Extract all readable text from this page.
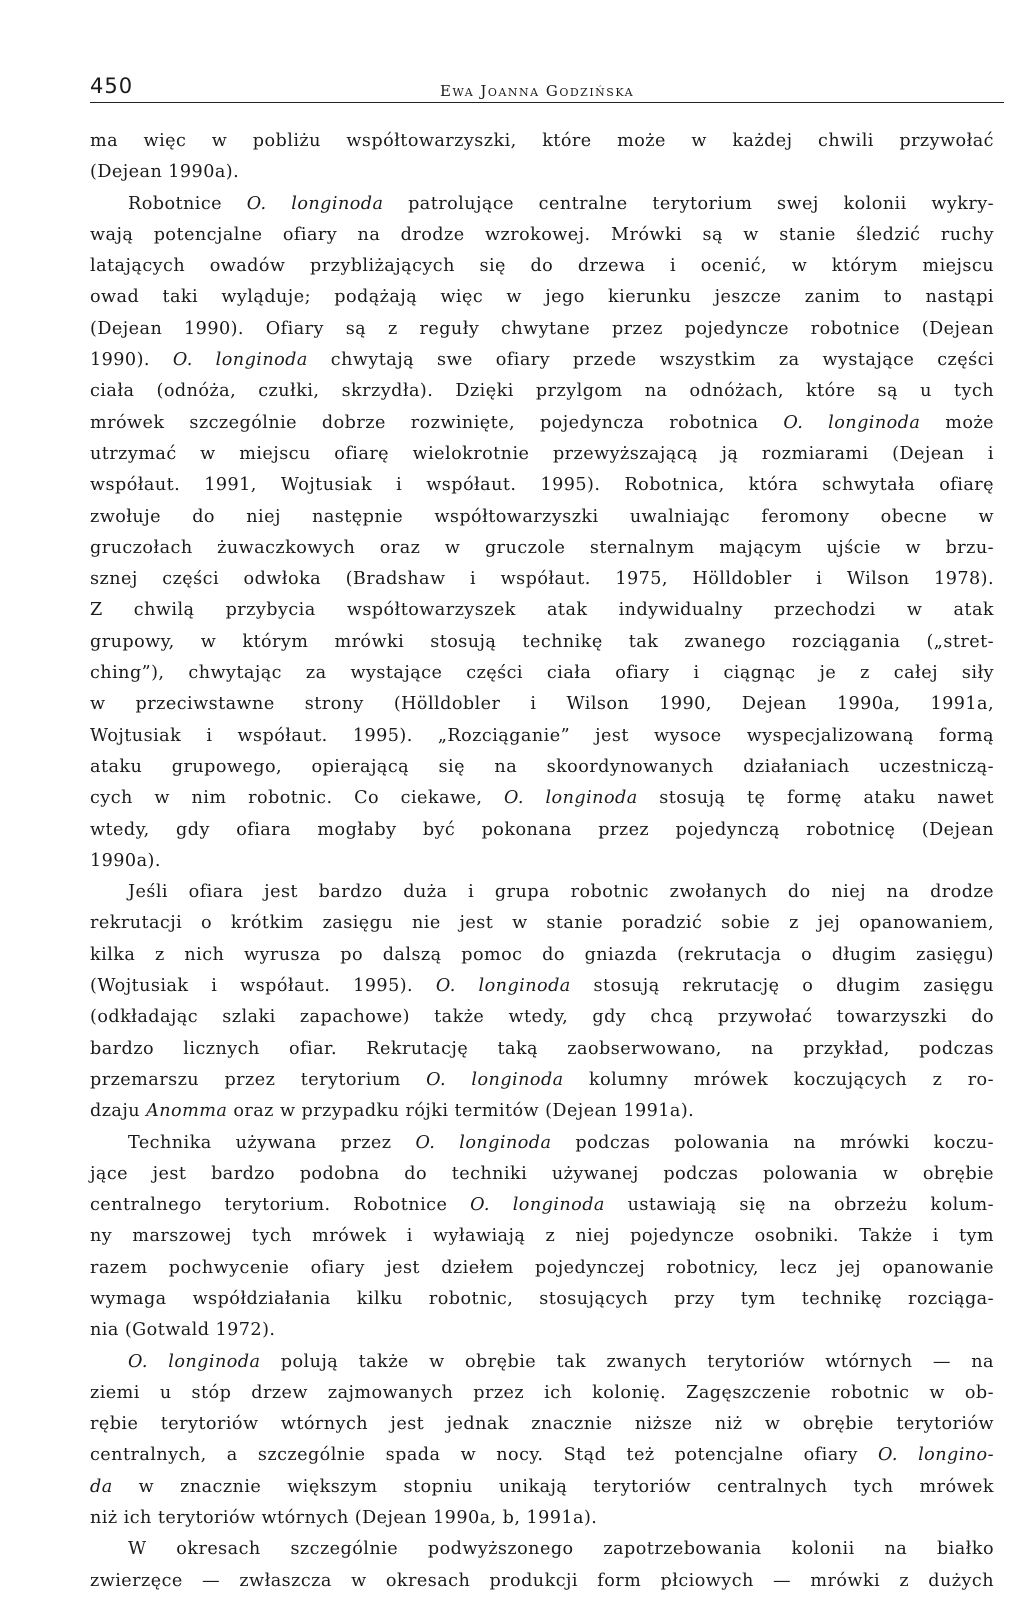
450	Ewa Joanna Godzińska
ma więc w pobliżu współtowarzyszki, które może w każdej chwili przywołać
(Dejean 1990a).
Robotnice O. longinoda patrolujące centralne terytorium swej kolonii wykry-
wają potencjalne ofiary na drodze wzrokowej. Mrówki są w stanie śledzić ruchy
latających owadów przybliżających się do drzewa i ocenić, w którym miejscu
owad taki wyląduje; podążają więc w jego kierunku jeszcze zanim to nastąpi
(Dejean 1990). Ofiary są z reguły chwytane przez pojedyncze robotnice (Dejean
1990). O. longinoda chwytają swe ofiary przede wszystkim za wystające części
ciała (odnóża, czułki, skrzydła). Dzięki przylgom na odnóżach, które są u tych
mrówek szczególnie dobrze rozwinięte, pojedyncza robotnica O. longinoda może
utrzymać w miejscu ofiarę wielokrotnie przewyższającą ją rozmiarami (Dejean i
współaut. 1991, Wojtusiak i współaut. 1995). Robotnica, która schwytała ofiarę
zwołuje do niej następnie współtowarzyszki uwalniając feromony obecne w
gruczołach żuwaczkowych oraz w gruczole sternalnym mającym ujście w brzu-
sznej części odwłoka (Bradshaw i współaut. 1975, Hölldobler i Wilson 1978).
Z chwilą przybycia współtowarzyszek atak indywidualny przechodzi w atak
grupowy, w którym mrówki stosują technikę tak zwanego rozciągania („stret-
ching”), chwytając za wystające części ciała ofiary i ciągnąc je z całej siły
w przeciwstawne strony (Hölldobler i Wilson 1990, Dejean 1990a, 1991a,
Wojtusiak i współaut. 1995). „Rozciąganie” jest wysoce wyspecjalizowaną formą
ataku grupowego, opierającą się na skoordynowanych działaniach uczestniczą-
cych w nim robotnic. Co ciekawe, O. longinoda stosują tę formę ataku nawet
wtedy, gdy ofiara mogłaby być pokonana przez pojedynczą robotnicę (Dejean
1990a).
Jeśli ofiara jest bardzo duża i grupa robotnic zwołanych do niej na drodze
rekrutacji o krótkim zasięgu nie jest w stanie poradzić sobie z jej opanowaniem,
kilka z nich wyrusza po dalszą pomoc do gniazda (rekrutacja o długim zasięgu)
(Wojtusiak i współaut. 1995). O. longinoda stosują rekrutację o długim zasięgu
(odkładając szlaki zapachowe) także wtedy, gdy chcą przywołać towarzyszki do
bardzo licznych ofiar. Rekrutację taką zaobserwowano, na przykład, podczas
przemarszu przez terytorium O. longinoda kolumny mrówek koczujących z ro-
dzaju Anomma oraz w przypadku rójki termitów (Dejean 1991a).
Technika używana przez O. longinoda podczas polowania na mrówki koczu-
jące jest bardzo podobna do techniki używanej podczas polowania w obrębie
centralnego terytorium. Robotnice O. longinoda ustawiają się na obrzeżu kolum-
ny marszowej tych mrówek i wyławiają z niej pojedyncze osobniki. Także i tym
razem pochwycenie ofiary jest dziełem pojedynczej robotnicy, lecz jej opanowanie
wymaga współdziałania kilku robotnic, stosujących przy tym technikę rozciąga-
nia (Gotwald 1972).
O. longinoda polują także w obrębie tak zwanych terytoriów wtórnych — na
ziemi u stóp drzew zajmowanych przez ich kolonię. Zagęszczenie robotnic w ob-
rębie terytoriów wtórnych jest jednak znacznie niższe niż w obrębie terytoriów
centralnych, a szczególnie spada w nocy. Stąd też potencjalne ofiary O. longino-
da w znacznie większym stopniu unikają terytoriów centralnych tych mrówek
niż ich terytoriów wtórnych (Dejean 1990a, b, 1991a).
W okresach szczególnie podwyższonego zapotrzebowania kolonii na białko
zwierzęce — zwłaszcza w okresach produkcji form płciowych — mrówki z dużych
